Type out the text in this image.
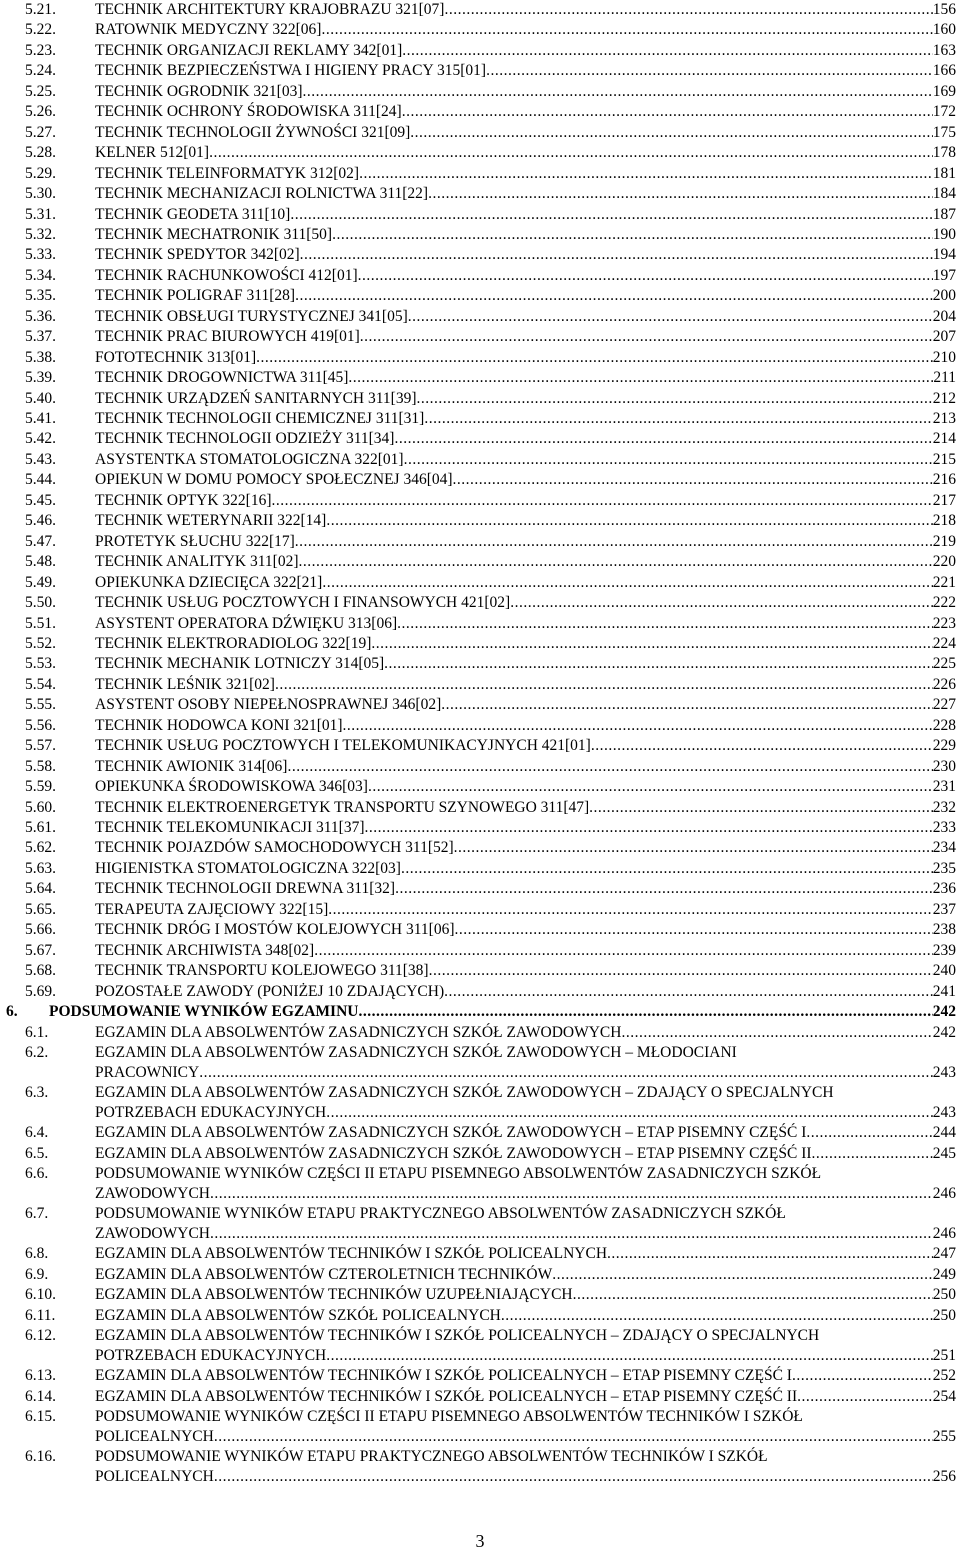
5.21.	TECHNIK ARCHITEKTURY KRAJOBRAZU 321[07] .....	156
5.22.	RATOWNIK MEDYCZNY 322[06] .....	160
5.23.	TECHNIK ORGANIZACJI REKLAMY 342[01] .....	163
5.24.	TECHNIK BEZPIECZEŃSTWA I HIGIENY PRACY 315[01] .....	166
5.25.	TECHNIK OGRODNIK 321[03] .....	169
5.26.	TECHNIK OCHRONY ŚRODOWISKA 311[24] .....	172
5.27.	TECHNIK TECHNOLOGII ŻYWNOŚCI 321[09] .....	175
5.28.	KELNER 512[01] .....	178
5.29.	TECHNIK TELEINFORMATYK 312[02] .....	181
5.30.	TECHNIK MECHANIZACJI ROLNICTWA 311[22] .....	184
5.31.	TECHNIK GEODETA 311[10] .....	187
5.32.	TECHNIK MECHATRONIK 311[50] .....	190
5.33.	TECHNIK SPEDYTOR 342[02] .....	194
5.34.	TECHNIK RACHUNKOWOŚCI 412[01] .....	197
5.35.	TECHNIK POLIGRAF 311[28] .....	200
5.36.	TECHNIK OBSŁUGI TURYSTYCZNEJ 341[05] .....	204
5.37.	TECHNIK PRAC BIUROWYCH 419[01] .....	207
5.38.	FOTOTECHNIK 313[01] .....	210
5.39.	TECHNIK DROGOWNICTWA 311[45] .....	211
5.40.	TECHNIK URZĄDZEŃ SANITARNYCH 311[39] .....	212
5.41.	TECHNIK TECHNOLOGII CHEMICZNEJ 311[31] .....	213
5.42.	TECHNIK TECHNOLOGII ODZIEŻY 311[34] .....	214
5.43.	ASYSTENTKA STOMATOLOGICZNA 322[01] .....	215
5.44.	OPIEKUN W DOMU POMOCY SPOŁECZNEJ 346[04] .....	216
5.45.	TECHNIK OPTYK 322[16] .....	217
5.46.	TECHNIK WETERYNARII 322[14] .....	218
5.47.	PROTETYK SŁUCHU 322[17] .....	219
5.48.	TECHNIK ANALITYK 311[02] .....	220
5.49.	OPIEKUNKA DZIECIĘCA 322[21] .....	221
5.50.	TECHNIK USŁUG POCZTOWYCH I FINANSOWYCH 421[02] .....	222
5.51.	ASYSTENT OPERATORA DŹWIĘKU 313[06] .....	223
5.52.	TECHNIK ELEKTRORADIOLOG 322[19] .....	224
5.53.	TECHNIK MECHANIK LOTNICZY 314[05] .....	225
5.54.	TECHNIK LEŚNIK 321[02] .....	226
5.55.	ASYSTENT OSOBY NIEPEŁNOSPRAWNEJ 346[02] .....	227
5.56.	TECHNIK HODOWCA KONI 321[01] .....	228
5.57.	TECHNIK USŁUG POCZTOWYCH I TELEKOMUNIKACYJNYCH 421[01] .....	229
5.58.	TECHNIK AWIONIK 314[06] .....	230
5.59.	OPIEKUNKA ŚRODOWISKOWA 346[03] .....	231
5.60.	TECHNIK ELEKTROENERGETYK TRANSPORTU SZYNOWEGO 311[47] .....	232
5.61.	TECHNIK TELEKOMUNIKACJI 311[37] .....	233
5.62.	TECHNIK POJAZDÓW SAMOCHODOWYCH 311[52] .....	234
5.63.	HIGIENISTKA STOMATOLOGICZNA 322[03] .....	235
5.64.	TECHNIK TECHNOLOGII DREWNA 311[32] .....	236
5.65.	TERAPEUTA ZAJĘCIOWY 322[15] .....	237
5.66.	TECHNIK DRÓG I MOSTÓW KOLEJOWYCH 311[06] .....	238
5.67.	TECHNIK ARCHIWISTA 348[02] .....	239
5.68.	TECHNIK TRANSPORTU KOLEJOWEGO 311[38] .....	240
5.69.	POZOSTAŁE ZAWODY (PONIŻEJ 10 ZDAJĄCYCH) .....	241
6. PODSUMOWANIE WYNIKÓW EGZAMINU .....	242
6.1.	EGZAMIN DLA ABSOLWENTÓW ZASADNICZYCH SZKÓŁ ZAWODOWYCH .....	242
6.2.	EGZAMIN DLA ABSOLWENTÓW ZASADNICZYCH SZKÓŁ ZAWODOWYCH – MŁODOCIANI
PRACOWNICY .....	243
6.3.	EGZAMIN DLA ABSOLWENTÓW ZASADNICZYCH SZKÓŁ ZAWODOWYCH – ZDAJĄCY O SPECJALNYCH
POTRZEBACH EDUKACYJNYCH .....	243
6.4.	EGZAMIN DLA ABSOLWENTÓW ZASADNICZYCH SZKÓŁ ZAWODOWYCH – ETAP PISEMNY CZĘŚĆ I .....	244
6.5.	EGZAMIN DLA ABSOLWENTÓW ZASADNICZYCH SZKÓŁ ZAWODOWYCH – ETAP PISEMNY CZĘŚĆ II .....	245
6.6.	PODSUMOWANIE WYNIKÓW CZĘŚCI II ETAPU PISEMNEGO ABSOLWENTÓW ZASADNICZYCH SZKÓŁ
ZAWODOWYCH .....	246
6.7.	PODSUMOWANIE WYNIKÓW ETAPU PRAKTYCZNEGO ABSOLWENTÓW ZASADNICZYCH SZKÓŁ
ZAWODOWYCH .....	246
6.8.	EGZAMIN DLA ABSOLWENTÓW TECHNIKÓW I SZKÓŁ POLICEALNYCH .....	247
6.9.	EGZAMIN DLA ABSOLWENTÓW CZTEROLETNICH TECHNIKÓW .....	249
6.10.	EGZAMIN DLA ABSOLWENTÓW TECHNIKÓW UZUPEŁNIAJĄCYCH .....	250
6.11.	EGZAMIN DLA ABSOLWENTÓW SZKÓŁ POLICEALNYCH .....	250
6.12.	EGZAMIN DLA ABSOLWENTÓW TECHNIKÓW I SZKÓŁ POLICEALNYCH – ZDAJĄCY O SPECJALNYCH
POTRZEBACH EDUKACYJNYCH .....	251
6.13.	EGZAMIN DLA ABSOLWENTÓW TECHNIKÓW I SZKÓŁ POLICEALNYCH – ETAP PISEMNY CZĘŚĆ I .....	252
6.14.	EGZAMIN DLA ABSOLWENTÓW TECHNIKÓW I SZKÓŁ POLICEALNYCH – ETAP PISEMNY CZĘŚĆ II .....	254
6.15.	PODSUMOWANIE WYNIKÓW CZĘŚCI II ETAPU PISEMNEGO ABSOLWENTÓW TECHNIKÓW I SZKÓŁ
POLICEALNYCH .....	255
6.16.	PODSUMOWANIE WYNIKÓW ETAPU PRAKTYCZNEGO ABSOLWENTÓW TECHNIKÓW I SZKÓŁ
POLICEALNYCH .....	256
3
